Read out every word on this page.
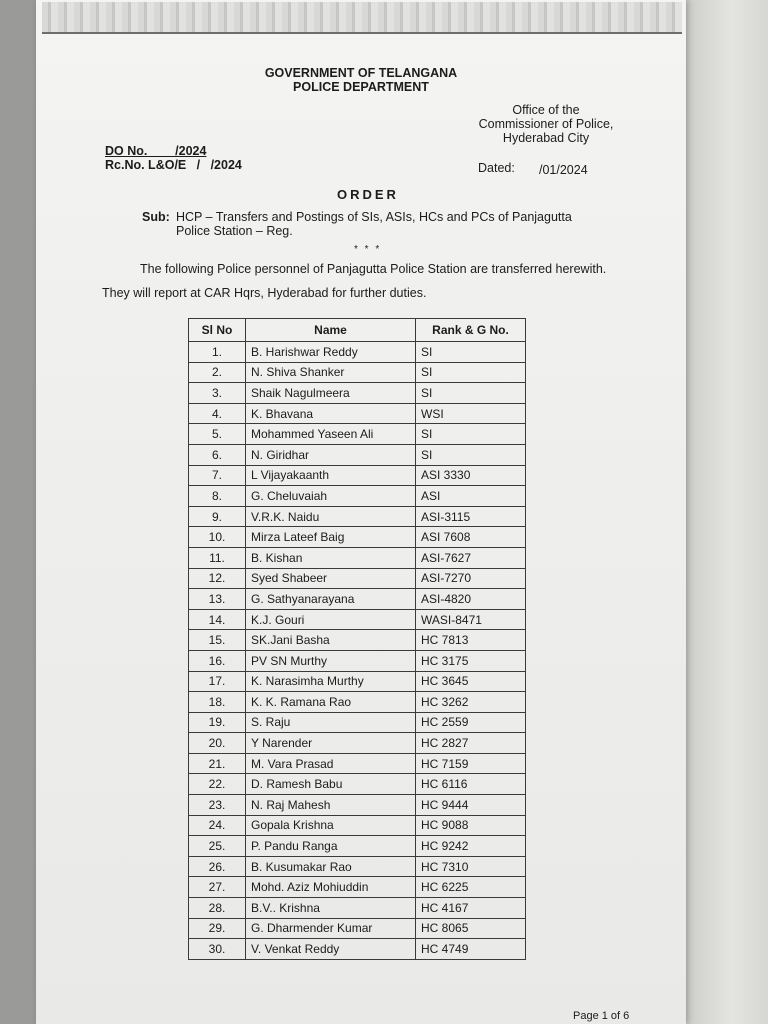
GOVERNMENT OF TELANGANA
POLICE DEPARTMENT
Office of the
Commissioner of Police,
Hyderabad City
DO No.        /2024
Rc.No. L&O/E   /   /2024	Dated: /01/2024
ORDER
Sub: HCP – Transfers and Postings of SIs, ASIs, HCs and PCs of Panjagutta
Police Station – Reg.
* * *
The following Police personnel of Panjagutta Police Station are transferred herewith.
They will report at CAR Hqrs, Hyderabad for further duties.
Sl No	Name	Rank & G No.
1.	B. Harishwar Reddy	SI
2.	N. Shiva Shanker	SI
3.	Shaik Nagulmeera	SI
4.	K. Bhavana	WSI
5.	Mohammed Yaseen Ali	SI
6.	N. Giridhar	SI
7.	L Vijayakaanth	ASI 3330
8.	G. Cheluvaiah	ASI
9.	V.R.K. Naidu	ASI-3115
10.	Mirza Lateef Baig	ASI 7608
11.	B. Kishan	ASI-7627
12.	Syed Shabeer	ASI-7270
13.	G. Sathyanarayana	ASI-4820
14.	K.J. Gouri	WASI-8471
15.	SK.Jani Basha	HC 7813
16.	PV SN Murthy	HC 3175
17.	K. Narasimha Murthy	HC 3645
18.	K. K. Ramana Rao	HC 3262
19.	S. Raju	HC 2559
20.	Y Narender	HC 2827
21.	M. Vara Prasad	HC 7159
22.	D. Ramesh Babu	HC 6116
23.	N. Raj Mahesh	HC 9444
24.	Gopala Krishna	HC 9088
25.	P. Pandu Ranga	HC 9242
26.	B. Kusumakar Rao	HC 7310
27.	Mohd. Aziz Mohiuddin	HC 6225
28.	B.V.. Krishna	HC 4167
29.	G. Dharmender Kumar	HC 8065
30.	V. Venkat Reddy	HC 4749
Page 1 of 6
